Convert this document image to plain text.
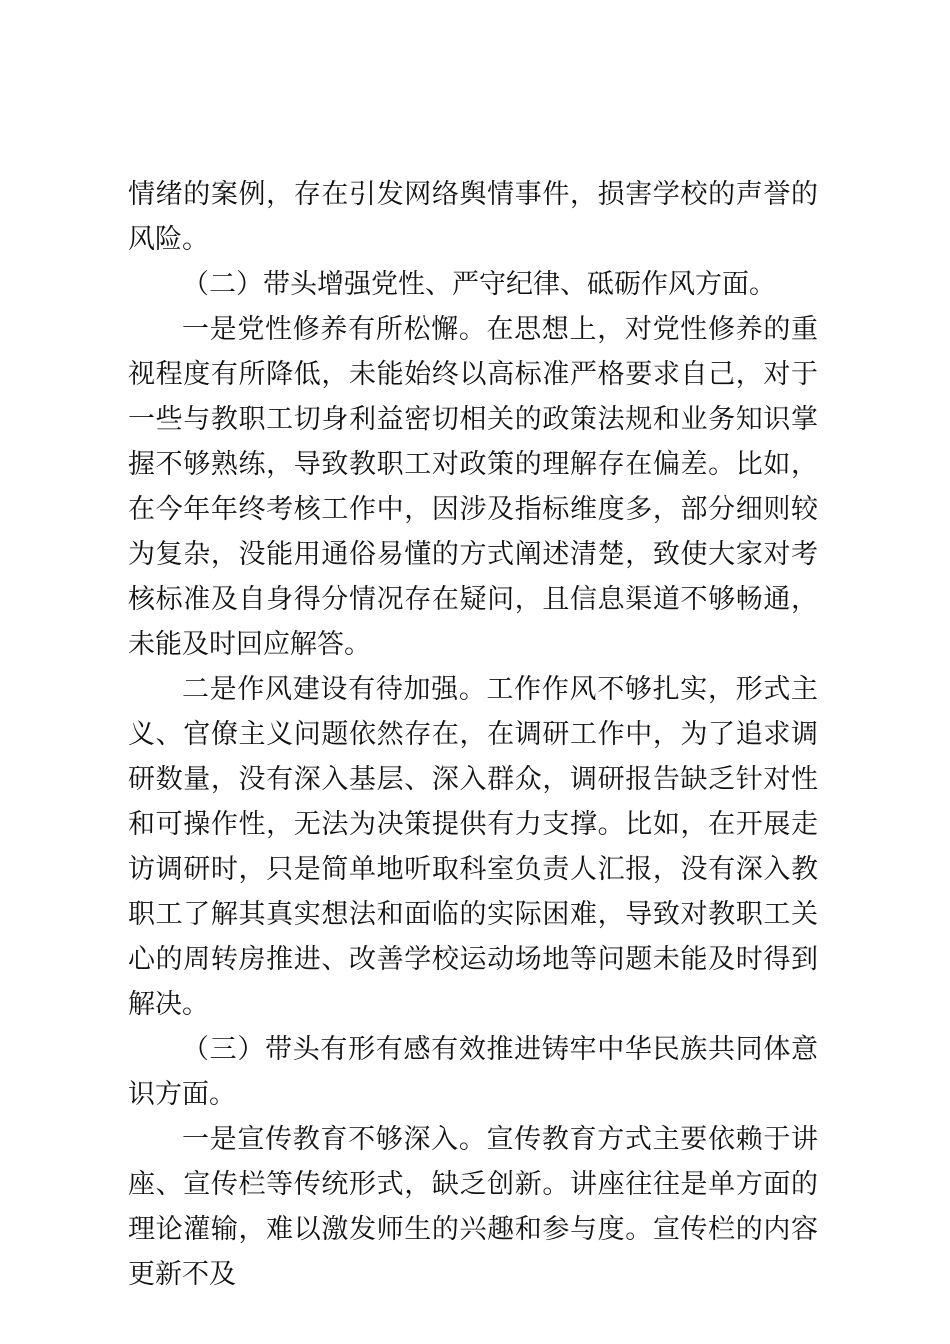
情绪的案例，存在引发网络舆情事件，损害学校的声誉的风险。

（二）带头增强党性、严守纪律、砥砺作风方面。

一是党性修养有所松懈。在思想上，对党性修养的重视程度有所降低，未能始终以高标准严格要求自己，对于一些与教职工切身利益密切相关的政策法规和业务知识掌握不够熟练，导致教职工对政策的理解存在偏差。比如，在今年年终考核工作中，因涉及指标维度多，部分细则较为复杂，没能用通俗易懂的方式阐述清楚，致使大家对考核标准及自身得分情况存在疑问，且信息渠道不够畅通，未能及时回应解答。

二是作风建设有待加强。工作作风不够扎实，形式主义、官僚主义问题依然存在，在调研工作中，为了追求调研数量，没有深入基层、深入群众，调研报告缺乏针对性和可操作性，无法为决策提供有力支撑。比如，在开展走访调研时，只是简单地听取科室负责人汇报，没有深入教职工了解其真实想法和面临的实际困难，导致对教职工关心的周转房推进、改善学校运动场地等问题未能及时得到解决。

（三）带头有形有感有效推进铸牢中华民族共同体意识方面。

一是宣传教育不够深入。宣传教育方式主要依赖于讲座、宣传栏等传统形式，缺乏创新。讲座往往是单方面的理论灌输，难以激发师生的兴趣和参与度。宣传栏的内容更新不及
